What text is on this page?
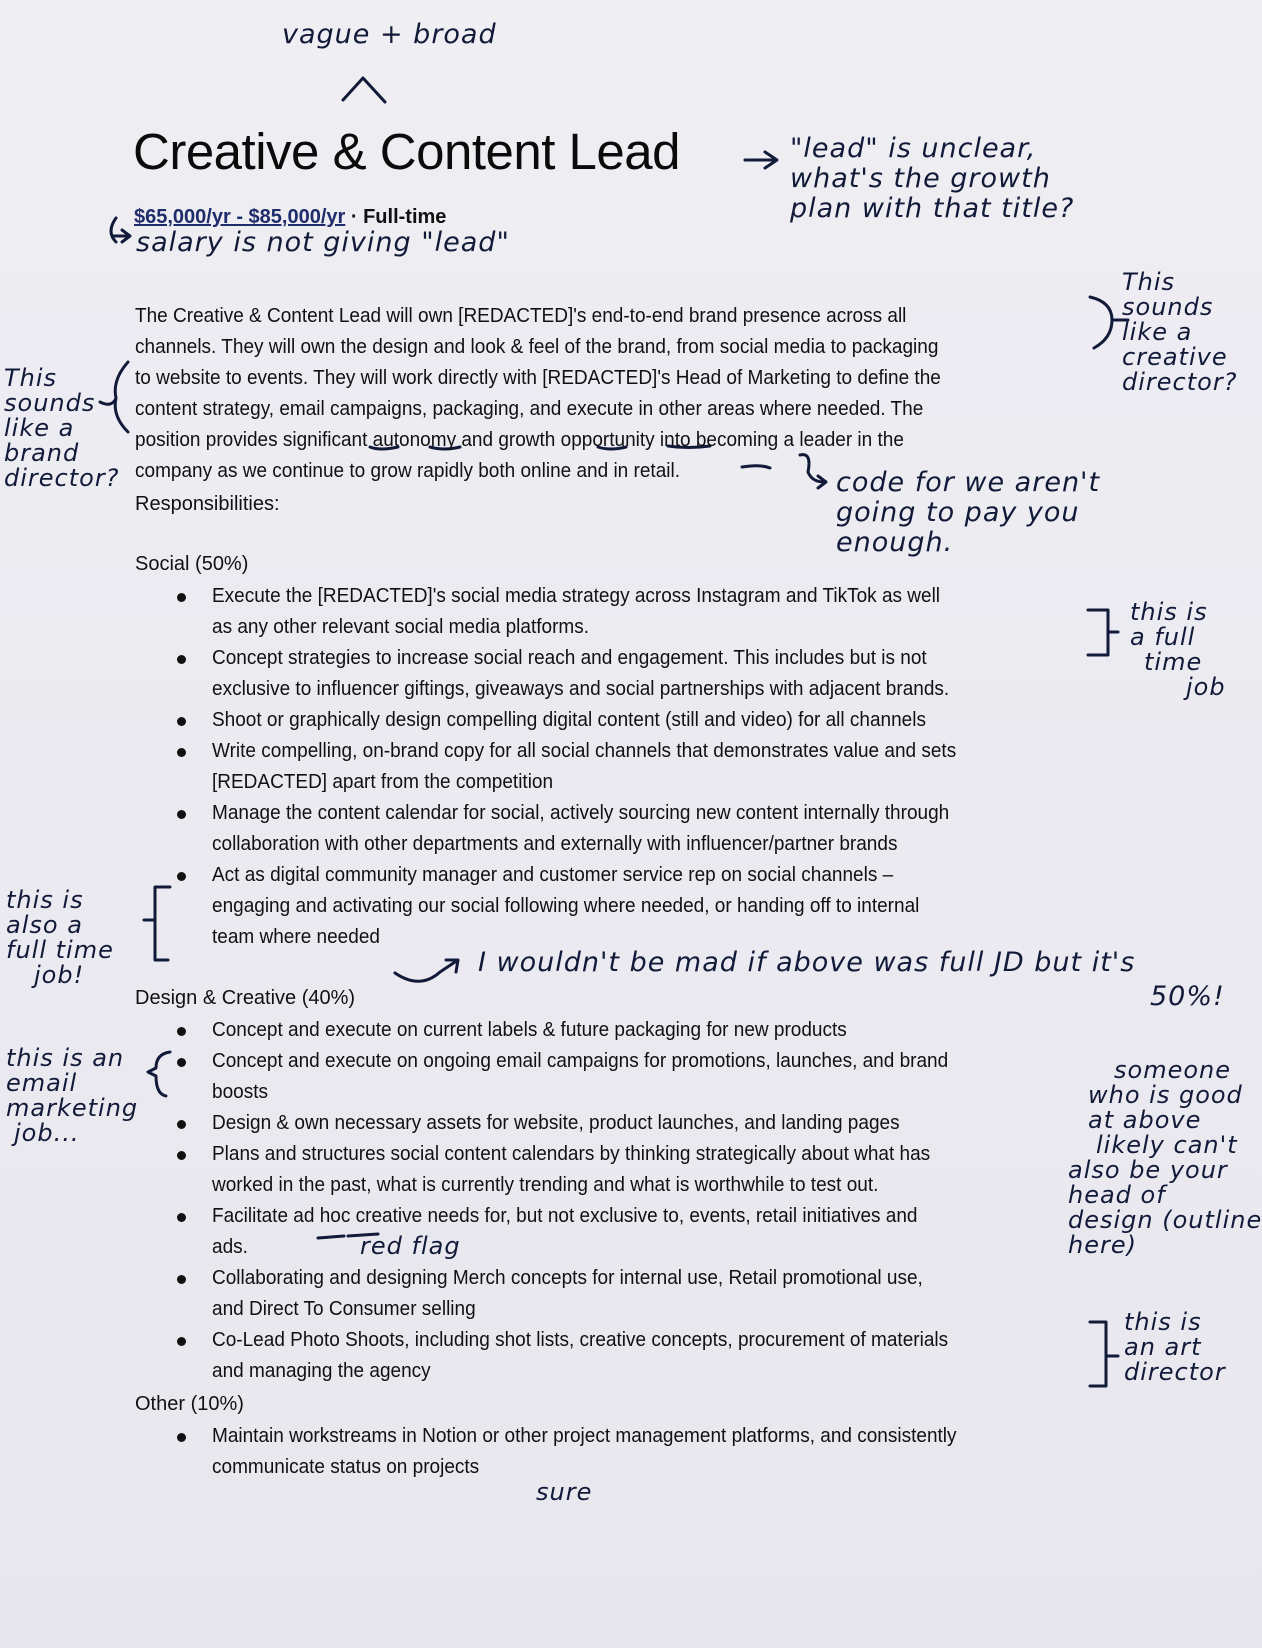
Creative & Content Lead
$65,000/yr - $85,000/yr · Full-time
The Creative & Content Lead will own [REDACTED]'s end-to-end brand presence across all
channels. They will own the design and look & feel of the brand, from social media to packaging
to website to events. They will work directly with [REDACTED]'s Head of Marketing to define the
content strategy, email campaigns, packaging, and execute in other areas where needed. The
position provides significant autonomy and growth opportunity into becoming a leader in the
company as we continue to grow rapidly both online and in retail.
Responsibilities:
Social (50%)
Execute the [REDACTED]'s social media strategy across Instagram and TikTok as well
as any other relevant social media platforms.
Concept strategies to increase social reach and engagement. This includes but is not
exclusive to influencer giftings, giveaways and social partnerships with adjacent brands.
Shoot or graphically design compelling digital content (still and video) for all channels
Write compelling, on-brand copy for all social channels that demonstrates value and sets
[REDACTED] apart from the competition
Manage the content calendar for social, actively sourcing new content internally through
collaboration with other departments and externally with influencer/partner brands
Act as digital community manager and customer service rep on social channels –
engaging and activating our social following where needed, or handing off to internal
team where needed
Design & Creative (40%)
Concept and execute on current labels & future packaging for new products
Concept and execute on ongoing email campaigns for promotions, launches, and brand
boosts
Design & own necessary assets for website, product launches, and landing pages
Plans and structures social content calendars by thinking strategically about what has
worked in the past, what is currently trending and what is worthwhile to test out.
Facilitate ad hoc creative needs for, but not exclusive to, events, retail initiatives and
ads.
Collaborating and designing Merch concepts for internal use, Retail promotional use,
and Direct To Consumer selling
Co-Lead Photo Shoots, including shot lists, creative concepts, procurement of materials
and managing the agency
Other (10%)
Maintain workstreams in Notion or other project management platforms, and consistently
communicate status on projects
vague + broad
"lead" is unclear,
what's the growth
plan with that title?
salary is not giving "lead"
This
sounds
like a
creative
director?
This
sounds
like a
brand
director?	code for we aren't
going to pay you
enough.
this is
a full
time
job
this is
also a
full time
job!	I wouldn't be mad if above was full JD but it's
50%!
this is an
email
marketing
job...
someone
who is good
at above
likely can't
also be your
head of
design (outline
here)
red flag
this is
an art
director
sure
